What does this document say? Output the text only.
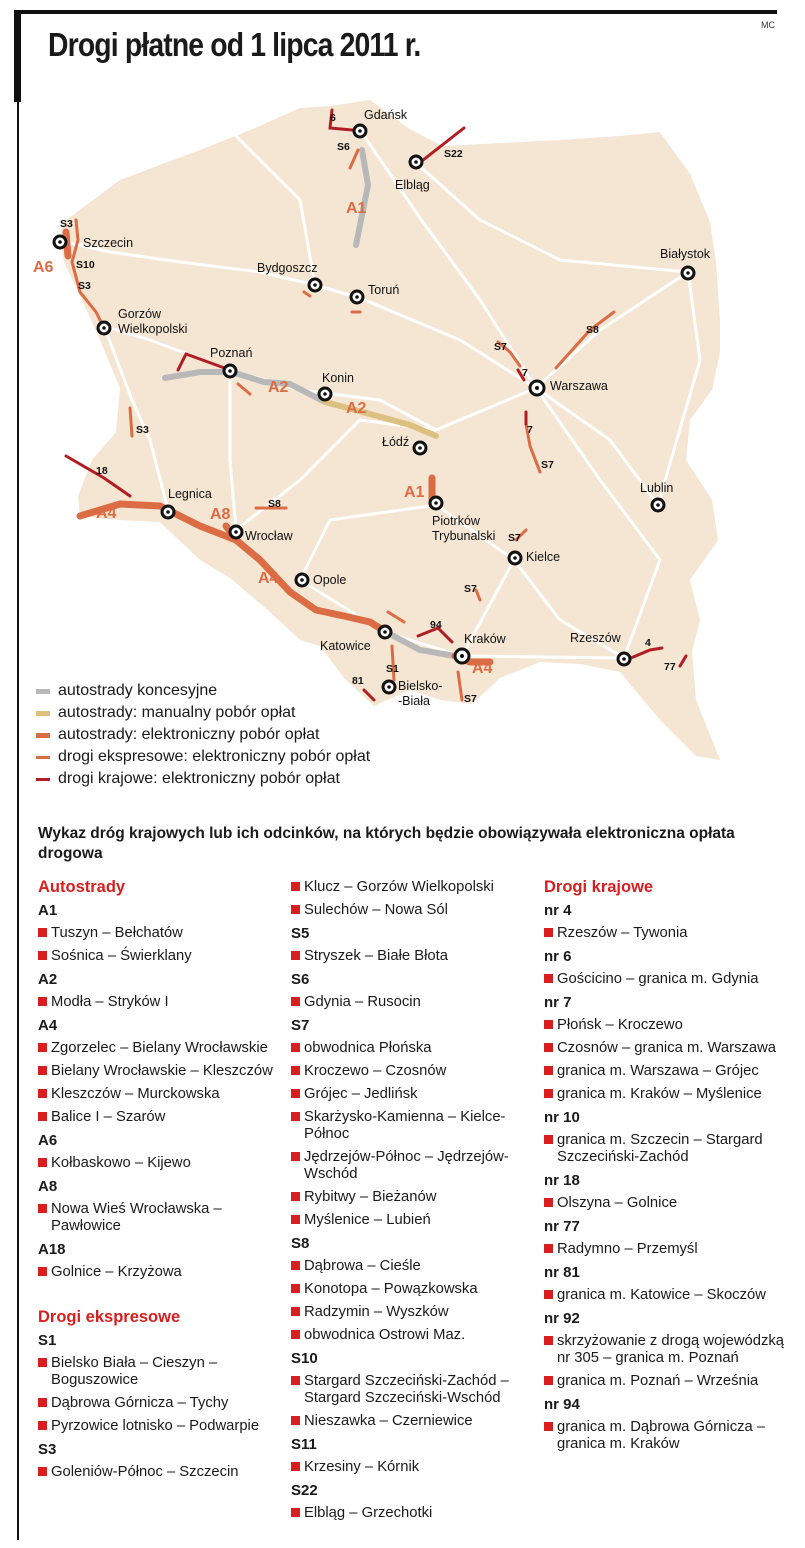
MC
Drogi płatne od 1 lipca 2011 r.
Gdańsk
Elbląg
Szczecin
Białystok
Bydgoszcz
Toruń
Gorzów
Wielkopolski
Poznań
Konin
Warszawa
Łódź
Legnica
Wrocław
Opole
Piotrków
Trybunalski
Lublin
Kielce
Katowice	Kraków	Rzeszów
Bielsko-
-Biała
A1
A6
A2
A2
A1
A4	A8
A4
A4
S3
S10
S3
S3
6
S6
S22
S7
7
S8
7
S7
18
S8
S7
S7
94
S1
81
S7
4
77
autostrady koncesyjne
autostrady: manualny pobór opłat
autostrady: elektroniczny pobór opłat
drogi ekspresowe: elektroniczny pobór opłat
drogi krajowe: elektroniczny pobór opłat
Wykaz dróg krajowych lub ich odcinków, na których będzie obowiązywała elektroniczna opłata drogowa
Autostrady
A1
Tuszyn – Bełchatów
Sośnica – Świerklany
A2
Modła – Stryków I
A4
Zgorzelec – Bielany Wrocławskie
Bielany Wrocławskie – Kleszczów
Kleszczów – Murckowska
Balice I – Szarów
A6
Kołbaskowo – Kijewo
A8
Nowa Wieś Wrocławska – Pawłowice
A18
Golnice – Krzyżowa
Drogi ekspresowe
S1
Bielsko Biała – Cieszyn – Boguszowice
Dąbrowa Górnicza – Tychy
Pyrzowice lotnisko – Podwarpie
S3
Goleniów-Północ – Szczecin
Klucz – Gorzów Wielkopolski
Sulechów – Nowa Sól
S5
Stryszek – Białe Błota
S6
Gdynia – Rusocin
S7
obwodnica Płońska
Kroczewo – Czosnów
Grójec – Jedlińsk
Skarżysko-Kamienna – Kielce-Północ
Jędrzejów-Północ – Jędrzejów-Wschód
Rybitwy – Bieżanów
Myślenice – Lubień
S8
Dąbrowa – Cieśle
Konotopa – Powązkowska
Radzymin – Wyszków
obwodnica Ostrowi Maz.
S10
Stargard Szczeciński-Zachód – Stargard Szczeciński-Wschód
Nieszawka – Czerniewice
S11
Krzesiny – Kórnik
S22
Elbląg – Grzechotki
Drogi krajowe
nr 4
Rzeszów – Tywonia
nr 6
Gościcino – granica m. Gdynia
nr 7
Płońsk – Kroczewo
Czosnów – granica m. Warszawa
granica m. Warszawa – Grójec
granica m. Kraków – Myślenice
nr 10
granica m. Szczecin – Stargard Szczeciński-Zachód
nr 18
Olszyna – Golnice
nr 77
Radymno – Przemyśl
nr 81
granica m. Katowice – Skoczów
nr 92
skrzyżowanie z drogą wojewódzką nr 305 – granica m. Poznań
granica m. Poznań – Września
nr 94
granica m. Dąbrowa Górnicza – granica m. Kraków
